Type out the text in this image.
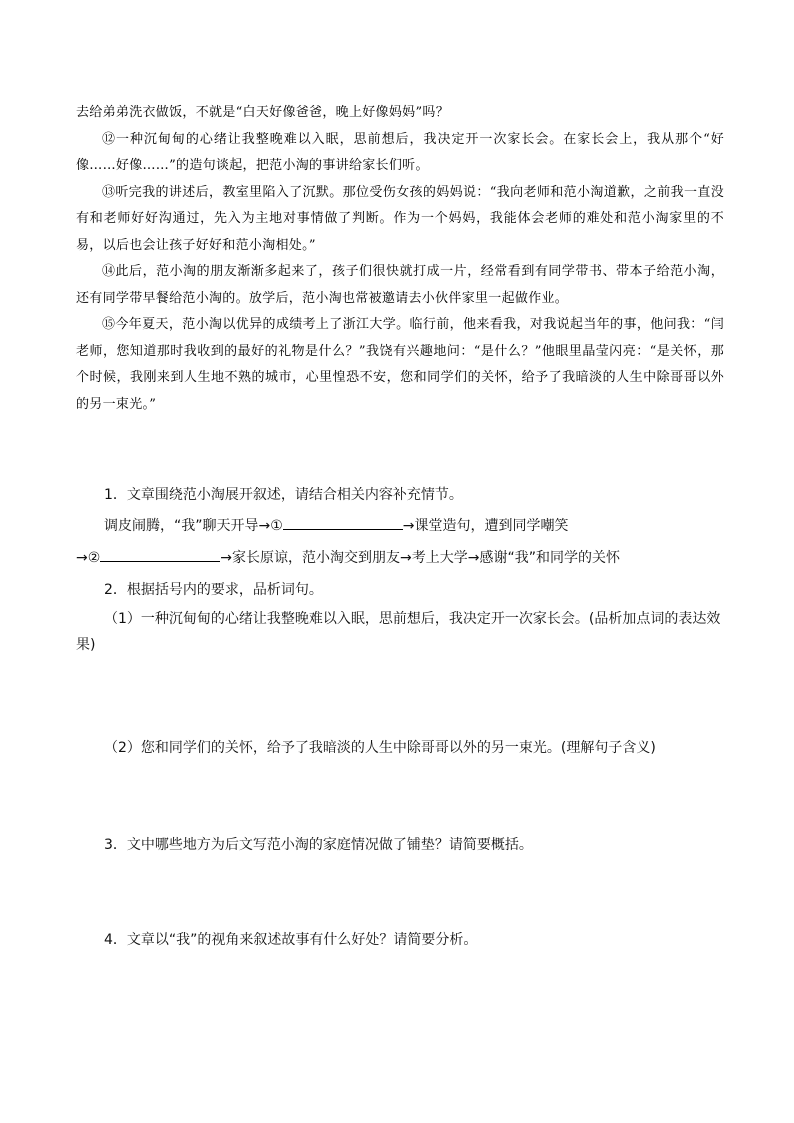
去给弟弟洗衣做饭，不就是“白天好像爸爸，晚上好像妈妈”吗？

⑫一种沉甸甸的心绪让我整晚难以入眠，思前想后，我决定开一次家长会。在家长会上，我从那个“好像……好像……”的造句谈起，把范小淘的事讲给家长们听。

⑬听完我的讲述后，教室里陷入了沉默。那位受伤女孩的妈妈说：“我向老师和范小淘道歉，之前我一直没有和老师好好沟通过，先入为主地对事情做了判断。作为一个妈妈，我能体会老师的难处和范小淘家里的不易，以后也会让孩子好好和范小淘相处。”

⑭此后，范小淘的朋友渐渐多起来了，孩子们很快就打成一片，经常看到有同学带书、带本子给范小淘，还有同学带早餐给范小淘的。放学后，范小淘也常被邀请去小伙伴家里一起做作业。

⑮今年夏天，范小淘以优异的成绩考上了浙江大学。临行前，他来看我，对我说起当年的事，他问我：“闫老师，您知道那时我收到的最好的礼物是什么？”我饶有兴趣地问：“是什么？”他眼里晶莹闪亮：“是关怀，那个时候，我刚来到人生地不熟的城市，心里惶恐不安，您和同学们的关怀，给予了我暗淡的人生中除哥哥以外的另一束光。”

1．文章围绕范小淘展开叙述，请结合相关内容补充情节。
调皮闹腾，“我”聊天开导→①	→课堂造句，遭到同学嘲笑
→②	→家长原谅，范小淘交到朋友→考上大学→感谢“我”和同学的关怀
2．根据括号内的要求，品析词句。
（1）一种沉甸甸的心绪让我整晚难以入眠，思前想后，我决定开一次家长会。(品析加点词的表达效果)
（2）您和同学们的关怀，给予了我暗淡的人生中除哥哥以外的另一束光。(理解句子含义)
3．文中哪些地方为后文写范小淘的家庭情况做了铺垫？请简要概括。
4．文章以“我”的视角来叙述故事有什么好处？请简要分析。
